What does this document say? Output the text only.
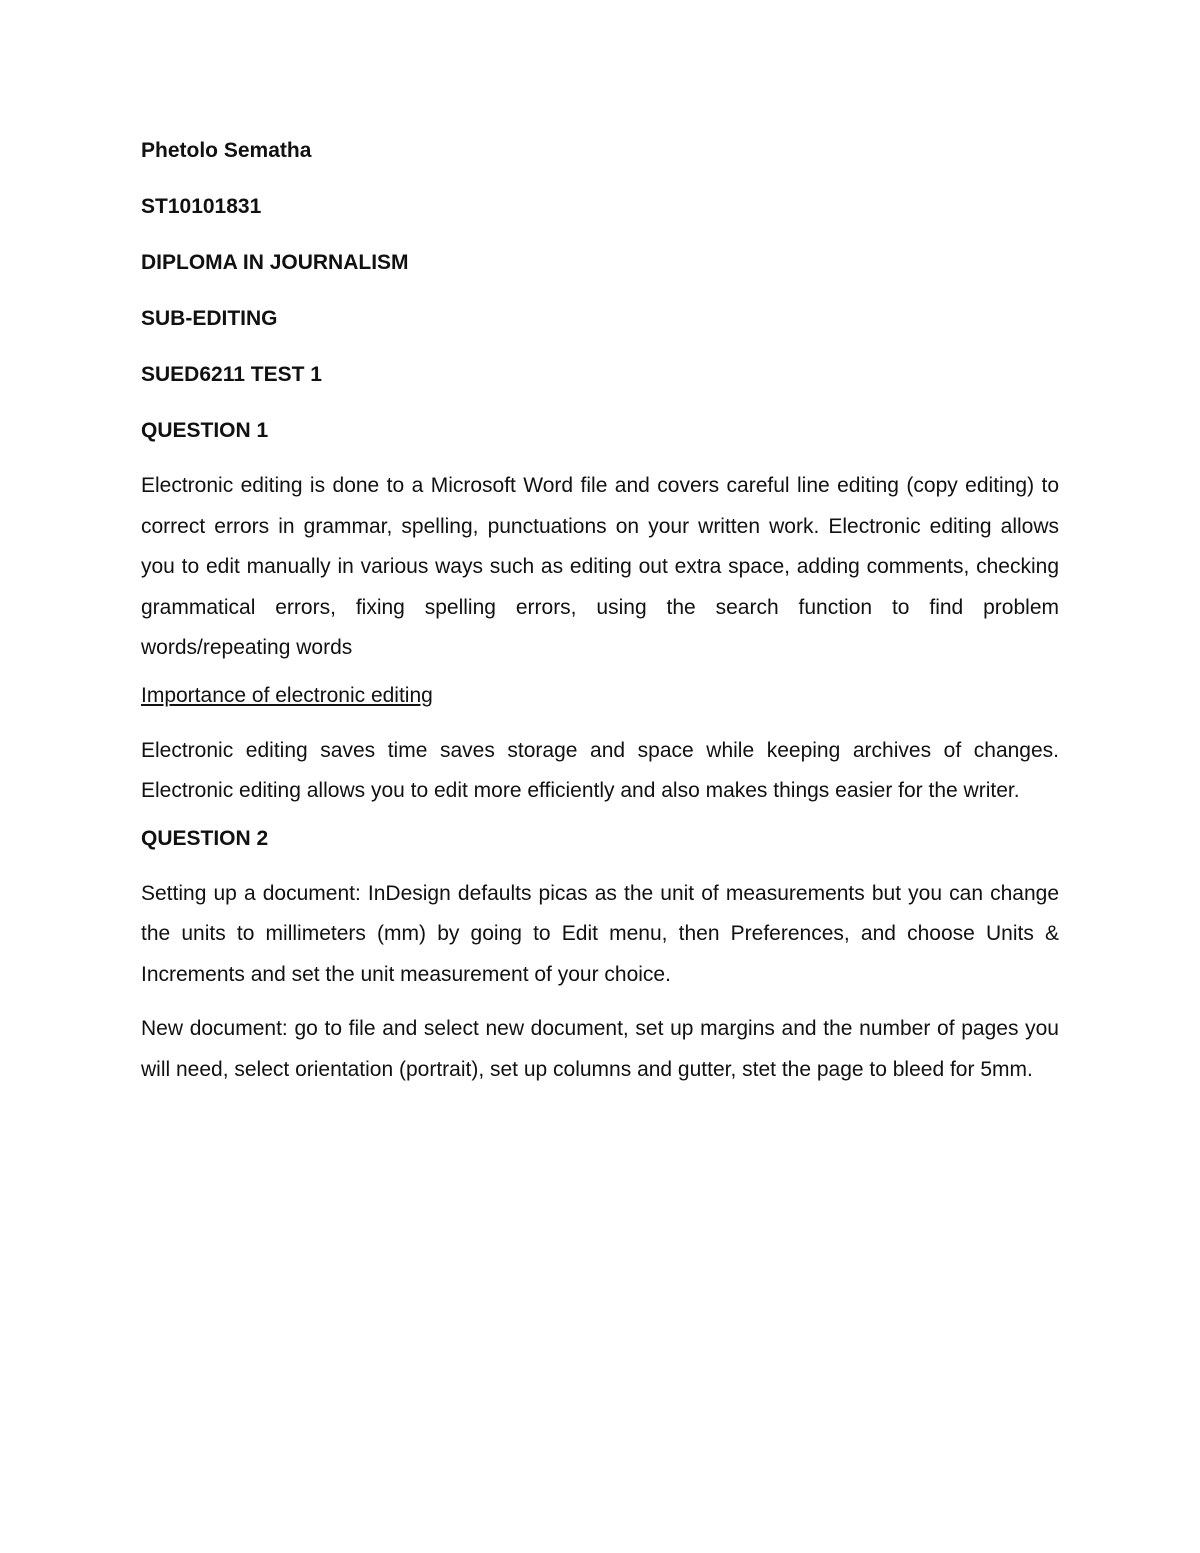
Phetolo Sematha

ST10101831

DIPLOMA IN JOURNALISM

SUB-EDITING

SUED6211 TEST 1

QUESTION 1

Electronic editing is done to a Microsoft Word file and covers careful line editing (copy editing) to correct errors in grammar, spelling, punctuations on your written work. Electronic editing allows you to edit manually in various ways such as editing out extra space, adding comments, checking grammatical errors, fixing spelling errors, using the search function to find problem words/repeating words

Importance of electronic editing

Electronic editing saves time saves storage and space while keeping archives of changes. Electronic editing allows you to edit more efficiently and also makes things easier for the writer.

QUESTION 2

Setting up a document: InDesign defaults picas as the unit of measurements but you can change the units to millimeters (mm) by going to Edit menu, then Preferences, and choose Units & Increments and set the unit measurement of your choice.

New document: go to file and select new document, set up margins and the number of pages you will need, select orientation (portrait), set up columns and gutter, stet the page to bleed for 5mm.
